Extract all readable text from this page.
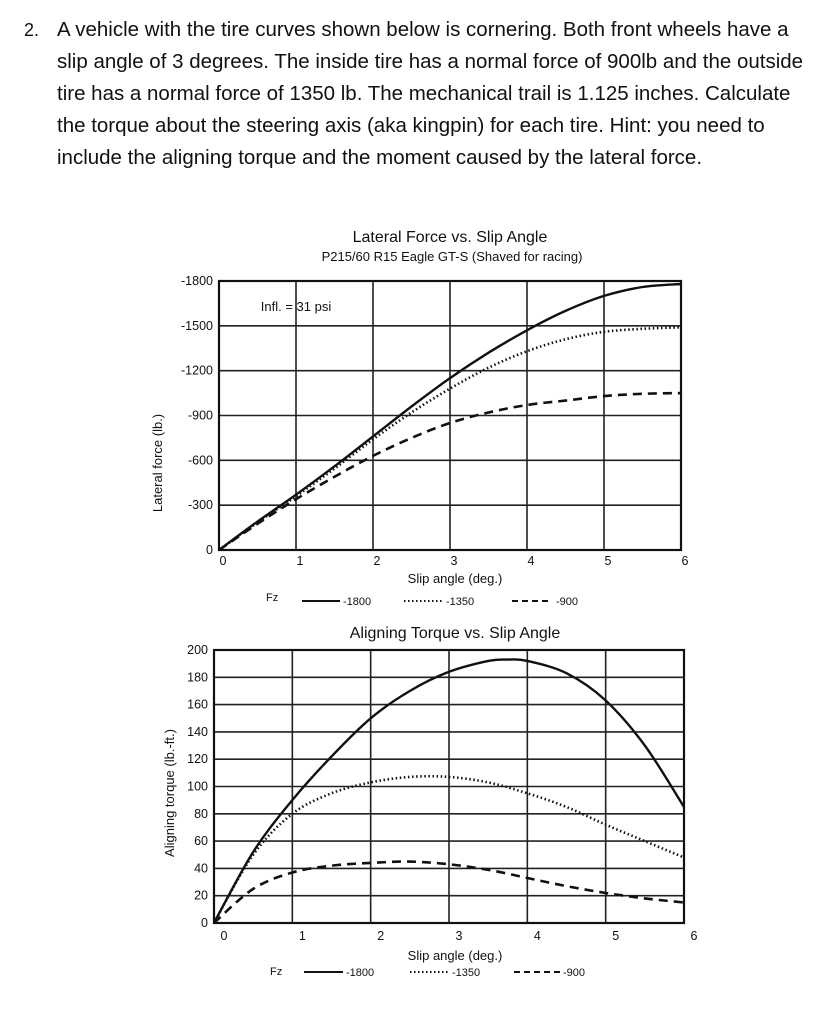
2. A vehicle with the tire curves shown below is cornering. Both front wheels have a slip angle of 3 degrees. The inside tire has a normal force of 900lb and the outside tire has a normal force of 1350 lb. The mechanical trail is 1.125 inches. Calculate the torque about the steering axis (aka kingpin) for each tire. Hint: you need to include the aligning torque and the moment caused by the lateral force.
Lateral Force vs. Slip Angle
P215/60 R15 Eagle GT-S (Shaved for racing)
Infl. = 31 psi
0	1	2	3	4	5	6
0
-300
-600
-900
-1200
-1500
-1800
Slip angle (deg.)
Lateral force (lb.)
Fz	-1800	-1350	-900
Aligning Torque vs. Slip Angle
0	1	2	3	4	5	6
0
20
40
60
80
100
120
140
160
180
200
Slip angle (deg.)
Aligning torque (lb.-ft.)
Fz	-1800	-1350	-900
